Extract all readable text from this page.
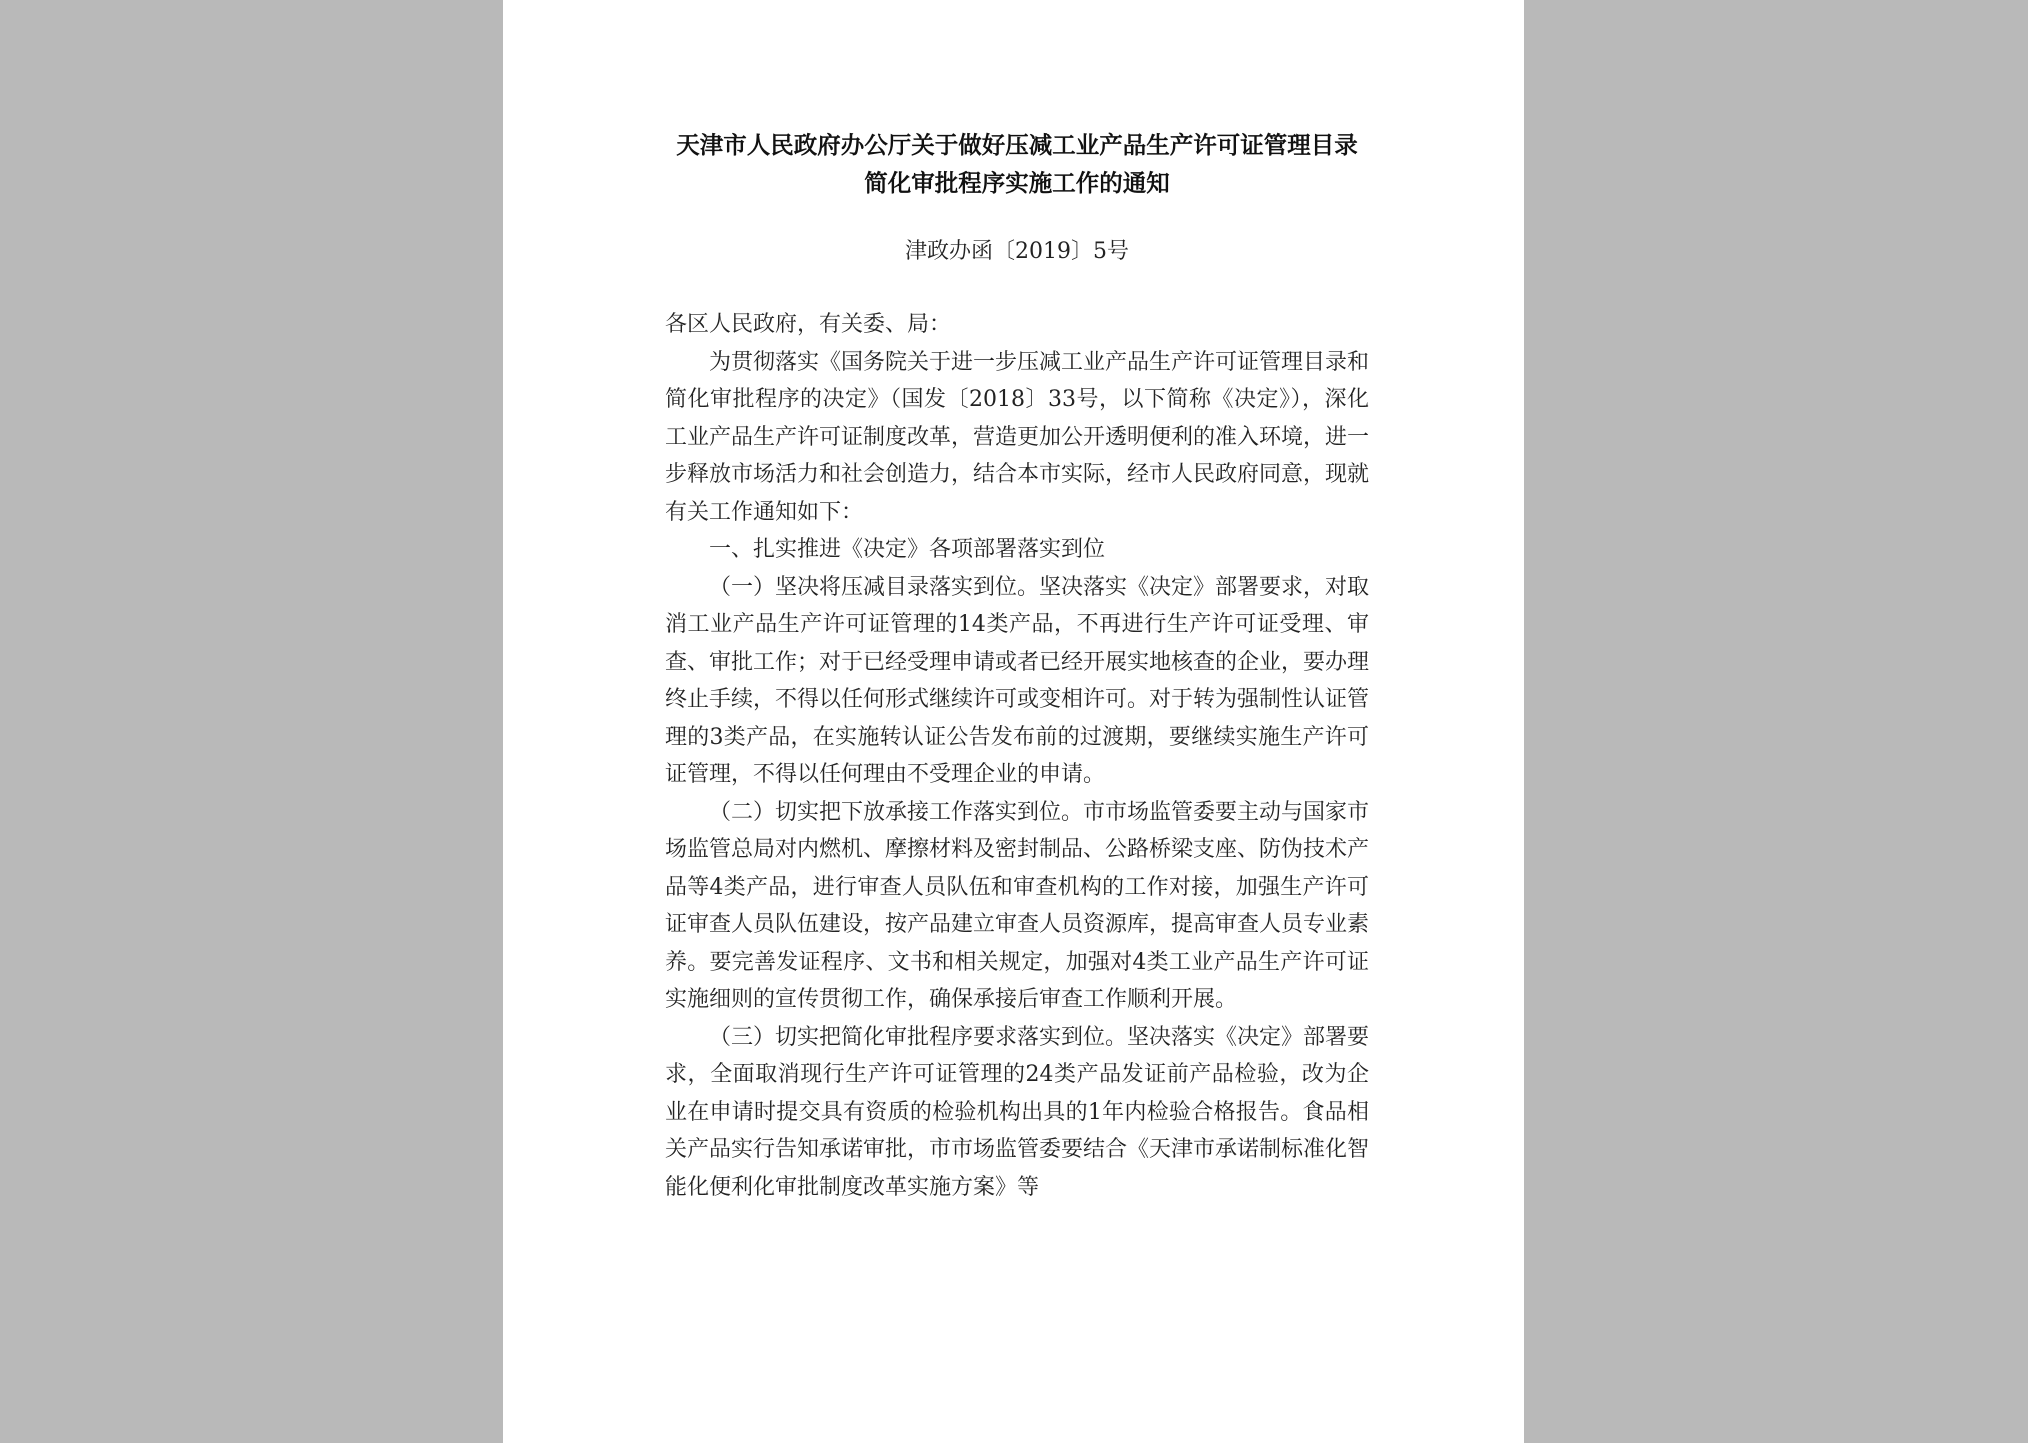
天津市人民政府办公厅关于做好压减工业产品生产许可证管理目录
简化审批程序实施工作的通知

津政办函〔2019〕5号

各区人民政府，有关委、局：

为贯彻落实《国务院关于进一步压减工业产品生产许可证管理目录和简化审批程序的决定》（国发〔2018〕33号，以下简称《决定》），深化工业产品生产许可证制度改革，营造更加公开透明便利的准入环境，进一步释放市场活力和社会创造力，结合本市实际，经市人民政府同意，现就有关工作通知如下：

一、扎实推进《决定》各项部署落实到位

（一）坚决将压减目录落实到位。坚决落实《决定》部署要求，对取消工业产品生产许可证管理的14类产品，不再进行生产许可证受理、审查、审批工作；对于已经受理申请或者已经开展实地核查的企业，要办理终止手续，不得以任何形式继续许可或变相许可。对于转为强制性认证管理的3类产品，在实施转认证公告发布前的过渡期，要继续实施生产许可证管理，不得以任何理由不受理企业的申请。

（二）切实把下放承接工作落实到位。市市场监管委要主动与国家市场监管总局对内燃机、摩擦材料及密封制品、公路桥梁支座、防伪技术产品等4类产品，进行审查人员队伍和审查机构的工作对接，加强生产许可证审查人员队伍建设，按产品建立审查人员资源库，提高审查人员专业素养。要完善发证程序、文书和相关规定，加强对4类工业产品生产许可证实施细则的宣传贯彻工作，确保承接后审查工作顺利开展。

（三）切实把简化审批程序要求落实到位。坚决落实《决定》部署要求，全面取消现行生产许可证管理的24类产品发证前产品检验，改为企业在申请时提交具有资质的检验机构出具的1年内检验合格报告。食品相关产品实行告知承诺审批，市市场监管委要结合《天津市承诺制标准化智能化便利化审批制度改革实施方案》等
